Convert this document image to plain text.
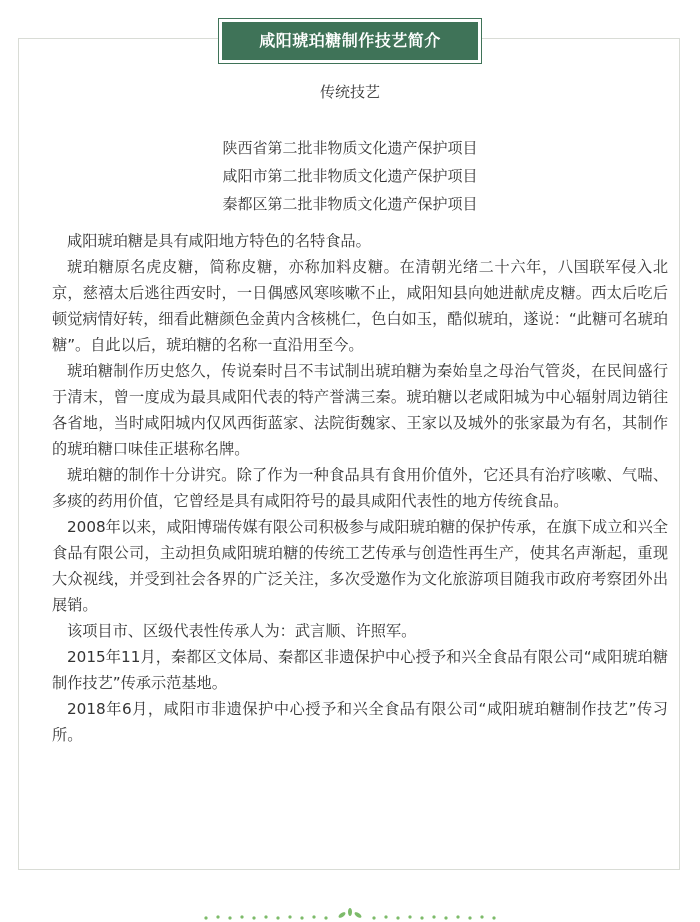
咸阳琥珀糖制作技艺简介
传统技艺
陕西省第二批非物质文化遗产保护项目
咸阳市第二批非物质文化遗产保护项目
秦都区第二批非物质文化遗产保护项目

咸阳琥珀糖是具有咸阳地方特色的名特食品。

琥珀糖原名虎皮糖，简称皮糖，亦称加料皮糖。在清朝光绪二十六年，八国联军侵入北京，慈禧太后逃往西安时，一日偶感风寒咳嗽不止，咸阳知县向她进献虎皮糖。西太后吃后顿觉病情好转，细看此糖颜色金黄内含核桃仁，色白如玉，酷似琥珀，遂说：“此糖可名琥珀糖”。自此以后，琥珀糖的名称一直沿用至今。

琥珀糖制作历史悠久，传说秦时吕不韦试制出琥珀糖为秦始皇之母治气管炎，在民间盛行于清末，曾一度成为最具咸阳代表的特产誉满三秦。琥珀糖以老咸阳城为中心辐射周边销往各省地，当时咸阳城内仅风西街蓝家、法院街魏家、王家以及城外的张家最为有名，其制作的琥珀糖口味佳正堪称名牌。

琥珀糖的制作十分讲究。除了作为一种食品具有食用价值外，它还具有治疗咳嗽、气喘、多痰的药用价值，它曾经是具有咸阳符号的最具咸阳代表性的地方传统食品。

2008年以来，咸阳博瑞传媒有限公司积极参与咸阳琥珀糖的保护传承，在旗下成立和兴全食品有限公司，主动担负咸阳琥珀糖的传统工艺传承与创造性再生产，使其名声渐起，重现大众视线，并受到社会各界的广泛关注，多次受邀作为文化旅游项目随我市政府考察团外出展销。

该项目市、区级代表性传承人为：武言顺、许照军。

2015年11月，秦都区文体局、秦都区非遗保护中心授予和兴全食品有限公司“咸阳琥珀糖制作技艺”传承示范基地。

2018年6月，咸阳市非遗保护中心授予和兴全食品有限公司“咸阳琥珀糖制作技艺”传习所。
